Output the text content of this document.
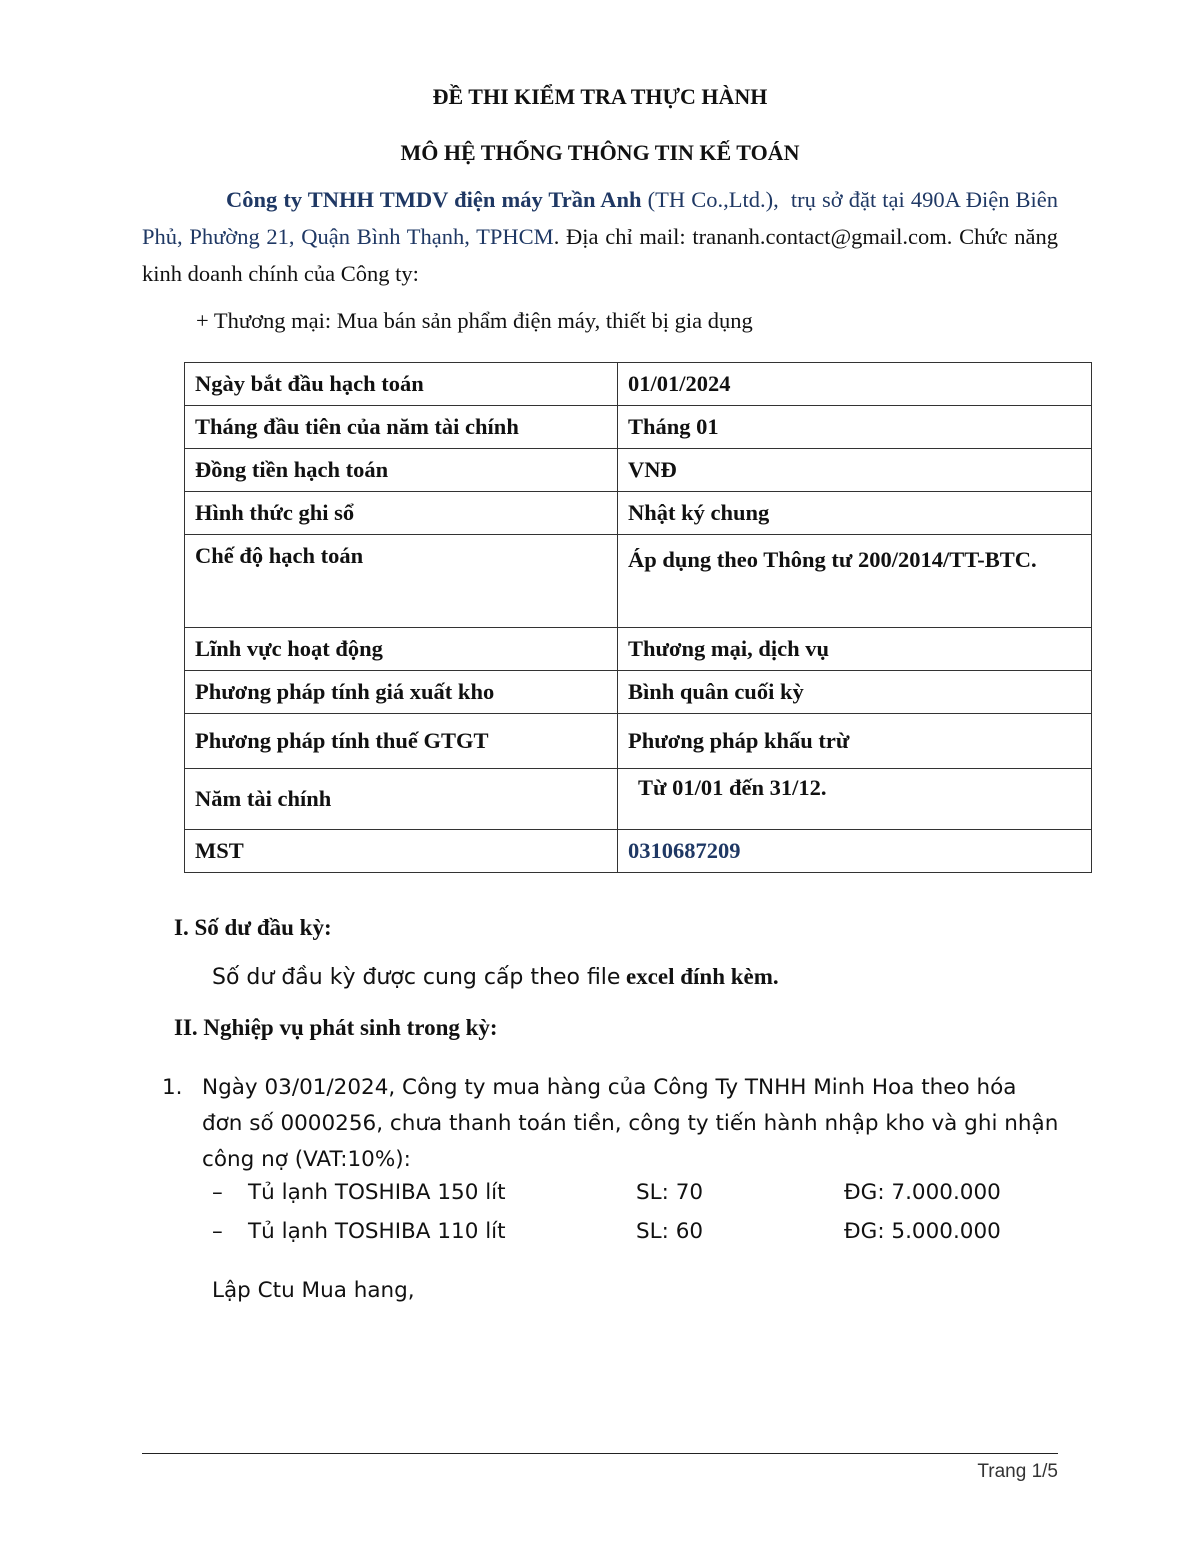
ĐỀ THI KIỂM TRA THỰC HÀNH
MÔ HỆ THỐNG THÔNG TIN KẾ TOÁN
Công ty TNHH TMDV điện máy Trần Anh (TH Co.,Ltd.), trụ sở đặt tại 490A Điện Biên Phủ, Phường 21, Quận Bình Thạnh, TPHCM. Địa chỉ mail: trananh.contact@gmail.com. Chức năng kinh doanh chính của Công ty:
+ Thương mại: Mua bán sản phẩm điện máy, thiết bị gia dụng
Ngày bắt đầu hạch toán	01/01/2024
Tháng đầu tiên của năm tài chính	Tháng 01
Đồng tiền hạch toán	VNĐ
Hình thức ghi sổ	Nhật ký chung
Chế độ hạch toán	Áp dụng theo Thông tư 200/2014/TT-BTC.
Lĩnh vực hoạt động	Thương mại, dịch vụ
Phương pháp tính giá xuất kho	Bình quân cuối kỳ
Phương pháp tính thuế GTGT	Phương pháp khấu trừ
Năm tài chính	Từ 01/01 đến 31/12.
MST	0310687209
I. Số dư đầu kỳ:
Số dư đầu kỳ được cung cấp theo file excel đính kèm.
II. Nghiệp vụ phát sinh trong kỳ:
1. Ngày 03/01/2024, Công ty mua hàng của Công Ty TNHH Minh Hoa theo hóa đơn số 0000256, chưa thanh toán tiền, công ty tiến hành nhập kho và ghi nhận công nợ (VAT:10%):
– Tủ lạnh TOSHIBA 150 lít	SL: 70	ĐG: 7.000.000
– Tủ lạnh TOSHIBA 110 lít	SL: 60	ĐG: 5.000.000
Lập Ctu Mua hang,
Trang 1/5
